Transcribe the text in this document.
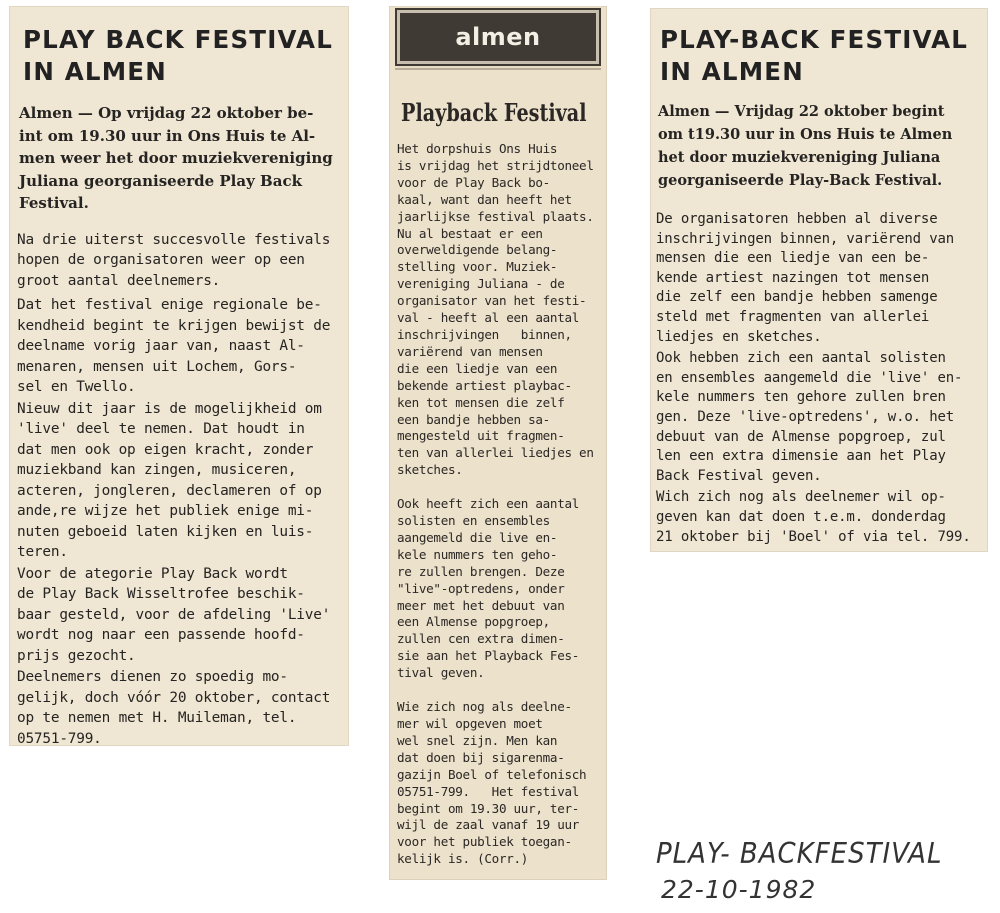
PLAY BACK FESTIVAL
IN ALMEN
Almen — Op vrijdag 22 oktober be-
int om 19.30 uur in Ons Huis te Al-
men weer het door muziekvereniging
Juliana georganiseerde Play Back
Festival.

Na drie uiterst succesvolle festivals
hopen de organisatoren weer op een
groot aantal deelnemers.

Dat het festival enige regionale be-
kendheid begint te krijgen bewijst de
deelname vorig jaar van, naast Al-
menaren, mensen uit Lochem, Gors-
sel en Twello.

Nieuw dit jaar is de mogelijkheid om
'live' deel te nemen. Dat houdt in
dat men ook op eigen kracht, zonder
muziekband kan zingen, musiceren,
acteren, jongleren, declameren of op
ande,re wijze het publiek enige mi-
nuten geboeid laten kijken en luis-
teren.

Voor de ategorie Play Back wordt
de Play Back Wisseltrofee beschik-
baar gesteld, voor de afdeling 'Live'
wordt nog naar een passende hoofd-
prijs gezocht.

Deelnemers dienen zo spoedig mo-
gelijk, doch vóór 20 oktober, contact
op te nemen met H. Muileman, tel.
05751-799.

almen
Playback Festival

Het dorpshuis Ons Huis
is vrijdag het strijdtoneel
voor de Play Back bo-
kaal, want dan heeft het
jaarlijkse festival plaats.
Nu al bestaat er een
overweldigende belang-
stelling voor. Muziek-
vereniging Juliana - de
organisator van het festi-
val - heeft al een aantal
inschrijvingen   binnen,
variërend van mensen
die een liedje van een
bekende artiest playbac-
ken tot mensen die zelf
een bandje hebben sa-
mengesteld uit fragmen-
ten van allerlei liedjes en
sketches.

Ook heeft zich een aantal
solisten en ensembles
aangemeld die live en-
kele nummers ten geho-
re zullen brengen. Deze
"live"-optredens, onder
meer met het debuut van
een Almense popgroep,
zullen cen extra dimen-
sie aan het Playback Fes-
tival geven.

Wie zich nog als deelne-
mer wil opgeven moet
wel snel zijn. Men kan
dat doen bij sigarenma-
gazijn Boel of telefonisch
05751-799.   Het festival
begint om 19.30 uur, ter-
wijl de zaal vanaf 19 uur
voor het publiek toegan-
kelijk is. (Corr.)

PLAY-BACK FESTIVAL
IN ALMEN
Almen — Vrijdag 22 oktober begint
om t19.30 uur in Ons Huis te Almen
het door muziekvereniging Juliana
georganiseerde Play-Back Festival.

De organisatoren hebben al diverse
inschrijvingen binnen, variërend van
mensen die een liedje van een be-
kende artiest nazingen tot mensen
die zelf een bandje hebben samenge
steld met fragmenten van allerlei
liedjes en sketches.

Ook hebben zich een aantal solisten
en ensembles aangemeld die 'live' en-
kele nummers ten gehore zullen bren
gen. Deze 'live-optredens', w.o. het
debuut van de Almense popgroep, zul
len een extra dimensie aan het Play
Back Festival geven.

Wich zich nog als deelnemer wil op-
geven kan dat doen t.e.m. donderdag
21 oktober bij 'Boel' of via tel. 799.

PLAY- BACKFESTIVAL
22-10-1982
